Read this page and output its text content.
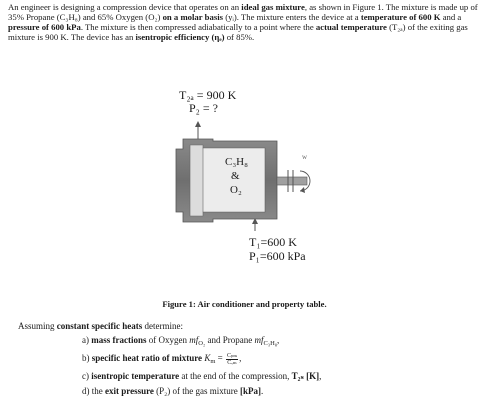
An engineer is designing a compression device that operates on an ideal gas mixture, as shown in Figure 1. The mixture is made up of 35% Propane (C₃H₈) and 65% Oxygen (O₂) on a molar basis (yᵢ). The mixture enters the device at a temperature of 600 K and a pressure of 600 kPa. The mixture is then compressed adiabatically to a point where the actual temperature (T₂ₐ) of the exiting gas mixture is 900 K. The device has an isentropic efficiency (ηₑ) of 85%.
T₂ₐ = 900 K
P₂ = ?
C₃H₈
&
O₂
w
T₁=600 K
P₁=600 kPa
Figure 1: Air conditioner and property table.
Assuming constant specific heats determine:
a) mass fractions of Oxygen $mf_{O_2}$ and Propane $mf_{C_3H_8}$,
b) specific heat ratio of mixture $K_m = \frac{\text{Cₚₘ}}{\text{Cᵥₘ}}$ ,
c) isentropic temperature at the end of the compression, T₂ₛ [K],
d) the exit pressure (P₂) of the gas mixture [kPa].
